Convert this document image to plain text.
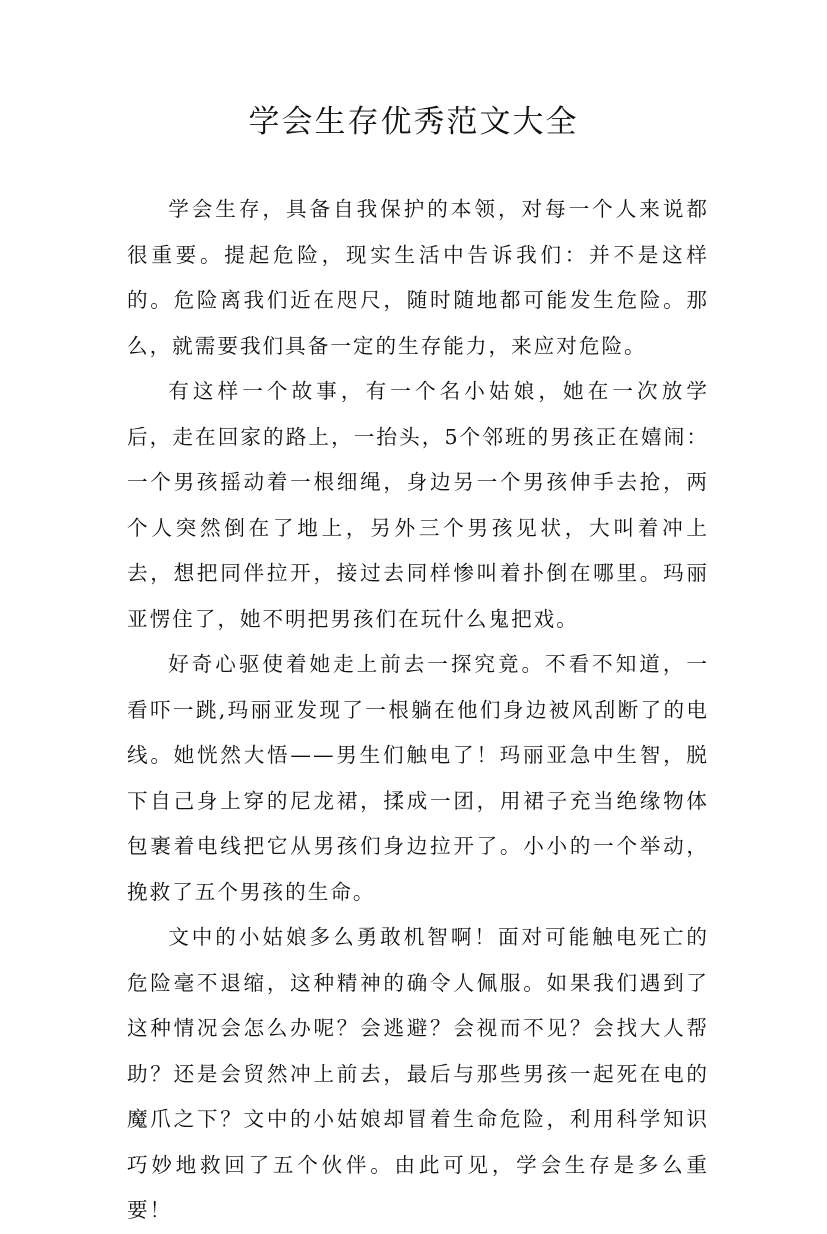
学会生存优秀范文大全

学会生存，具备自我保护的本领，对每一个人来说都很重要。提起危险，现实生活中告诉我们：并不是这样的。危险离我们近在咫尺，随时随地都可能发生危险。那么，就需要我们具备一定的生存能力，来应对危险。

有这样一个故事，有一个名小姑娘，她在一次放学后，走在回家的路上，一抬头，5个邻班的男孩正在嬉闹：一个男孩摇动着一根细绳，身边另一个男孩伸手去抢，两个人突然倒在了地上，另外三个男孩见状，大叫着冲上去，想把同伴拉开，接过去同样惨叫着扑倒在哪里。玛丽亚愣住了，她不明把男孩们在玩什么鬼把戏。

好奇心驱使着她走上前去一探究竟。不看不知道，一看吓一跳,玛丽亚发现了一根躺在他们身边被风刮断了的电线。她恍然大悟——男生们触电了！玛丽亚急中生智，脱下自己身上穿的尼龙裙，揉成一团，用裙子充当绝缘物体包裹着电线把它从男孩们身边拉开了。小小的一个举动，挽救了五个男孩的生命。

文中的小姑娘多么勇敢机智啊！面对可能触电死亡的危险毫不退缩，这种精神的确令人佩服。如果我们遇到了这种情况会怎么办呢？会逃避？会视而不见？会找大人帮助？还是会贸然冲上前去，最后与那些男孩一起死在电的魔爪之下？文中的小姑娘却冒着生命危险，利用科学知识巧妙地救回了五个伙伴。由此可见，学会生存是多么重要！
